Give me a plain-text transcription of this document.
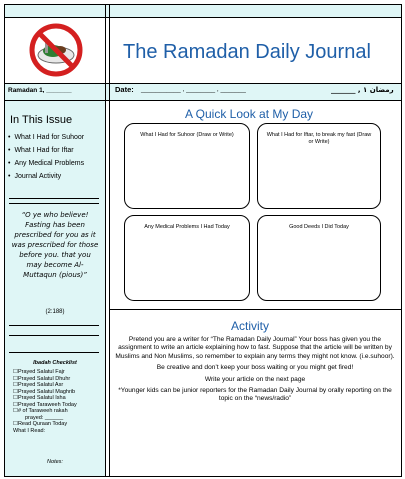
The Ramadan Daily Journal
Ramadan 1, _______	Date: ___________ , ________ , _______	رمضان ١ , _______
In This Issue
• What I Had for Suhoor
• What I Had for Iftar
• Any Medical Problems
• Journal Activity
“O ye who believe! Fasting has been prescribed for you as it was prescribed for those before you. that you may become Al-Muttaqun (pious)”
(2:188)
Ibadah Checklist
☐ Prayed Salatul Fajr
☐ Prayed Salatul Dhuhr
☐ Prayed Salatul Asr
☐ Prayed Salatul Maghrib
☐ Prayed Salatul Isha
☐ Prayed Taraweeh Today
☐ # of Taraweeh rakah
prayed: ______
☐ Read Quraan Today
What I Read:
Notes:
A Quick Look at My Day
What I Had for Suhoor (Draw or Write)	What I Had for Iftar, to break my fast (Draw or Write)
Any Medical Problems I Had Today	Good Deeds I Did Today
Activity

Pretend you are a writer for “The Ramadan Daily Journal” Your boss has given you the assignment to write an article explaining how to fast. Suppose that the article will be written by Muslims and Non Muslims, so remember to explain any terms they might not know. (i.e.suhoor).

Be creative and don’t keep your boss waiting or you might get fired!

Write your article on the next page

*Younger kids can be junior reporters for the Ramadan Daily Journal by orally reporting on the topic on the “news/radio”
